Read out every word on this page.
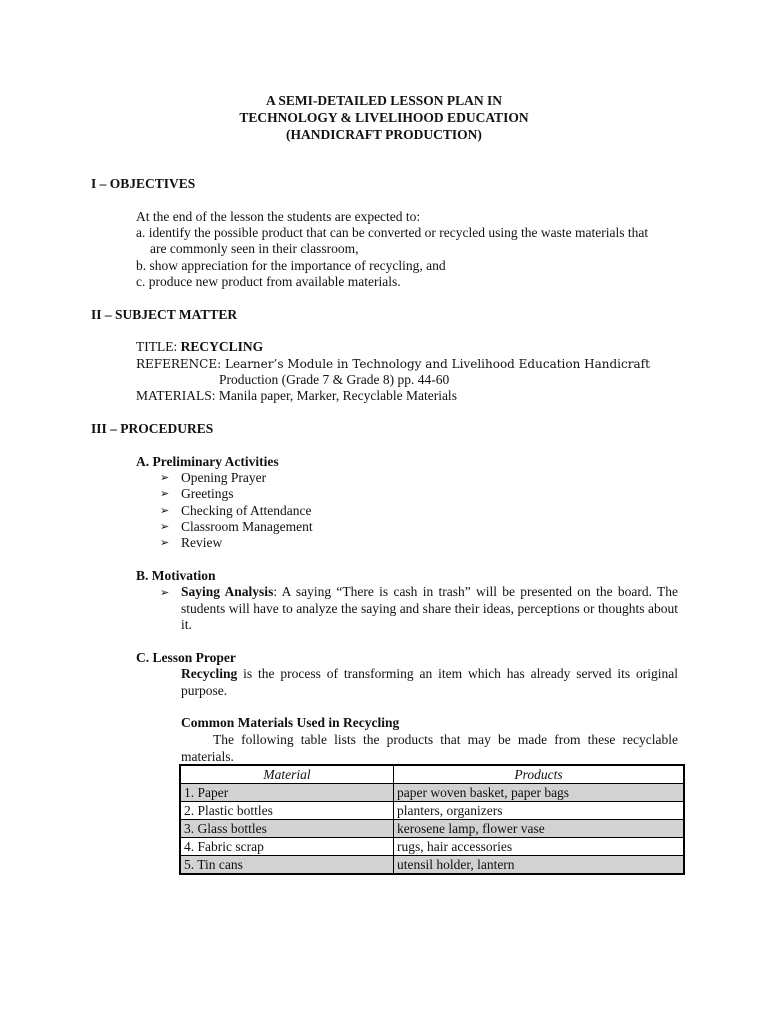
A SEMI-DETAILED LESSON PLAN IN
TECHNOLOGY & LIVELIHOOD EDUCATION
(HANDICRAFT PRODUCTION)
I – OBJECTIVES
At the end of the lesson the students are expected to:
a. identify the possible product that can be converted or recycled using the waste materials that
are commonly seen in their classroom,
b. show appreciation for the importance of recycling, and
c. produce new product from available materials.
II – SUBJECT MATTER
TITLE: RECYCLING
REFERENCE: Learner’s Module in Technology and Livelihood Education Handicraft
Production (Grade 7 & Grade 8) pp. 44-60
MATERIALS: Manila paper, Marker, Recyclable Materials
III – PROCEDURES
A. Preliminary Activities
➢ Opening Prayer
➢ Greetings
➢ Checking of Attendance
➢ Classroom Management
➢ Review
B. Motivation
➢ Saying Analysis: A saying “There is cash in trash” will be presented on the board. The students will have to analyze the saying and share their ideas, perceptions or thoughts about it.
C. Lesson Proper
Recycling is the process of transforming an item which has already served its original purpose.
Common Materials Used in Recycling
The following table lists the products that may be made from these recyclable materials.
Material	Products
1. Paper	paper woven basket, paper bags
2. Plastic bottles	planters, organizers
3. Glass bottles	kerosene lamp, flower vase
4. Fabric scrap	rugs, hair accessories
5. Tin cans	utensil holder, lantern
